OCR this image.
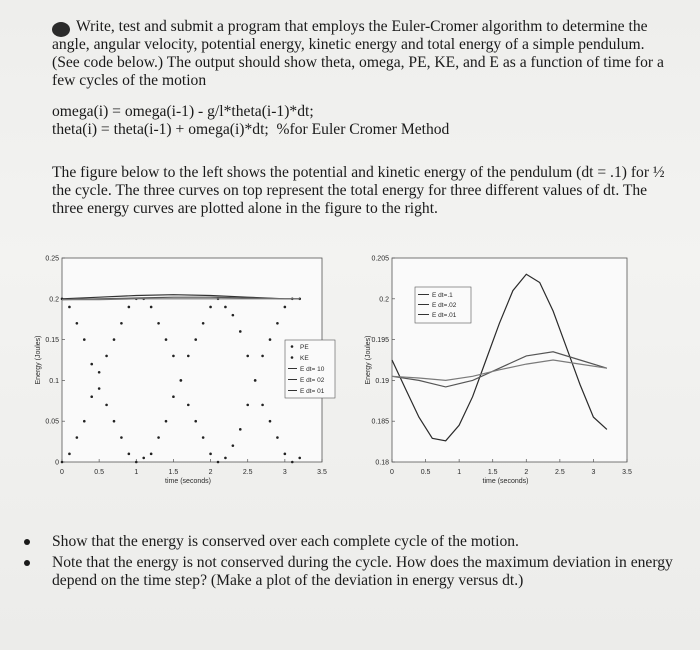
Write, test and submit a program that employs the Euler-Cromer algorithm to determine the angle, angular velocity, potential energy, kinetic energy and total energy of a simple pendulum. (See code below.) The output should show theta, omega, PE, KE, and E as a function of time for a few cycles of the motion
omega(i) = omega(i-1) - g/l*theta(i-1)*dt;
theta(i) = theta(i-1) + omega(i)*dt;  %for Euler Cromer Method
The figure below to the left shows the potential and kinetic energy of the pendulum (dt = .1) for ½ the cycle. The three curves on top represent the total energy for three different values of dt. The three energy curves are plotted alone in the figure to the right.
0	0.5	1	1.5	2	2.5	3	3.5
0
0.05
0.1
0.15
0.2
0.25
time (seconds)
Energy (Joules)	PE
KE
E dt= 10
E dt= 02
E dt= 01
0	0.5	1	1.5	2	2.5	3	3.5
0.18
0.185
0.19
0.195
0.2
0.205
time (seconds)
Energy (Joules)
E dt=.1
E dt=.02
E dt=.01
Show that the energy is conserved over each complete cycle of the motion.
Note that the energy is not conserved during the cycle. How does the maximum deviation in energy depend on the time step? (Make a plot of the deviation in energy versus dt.)
